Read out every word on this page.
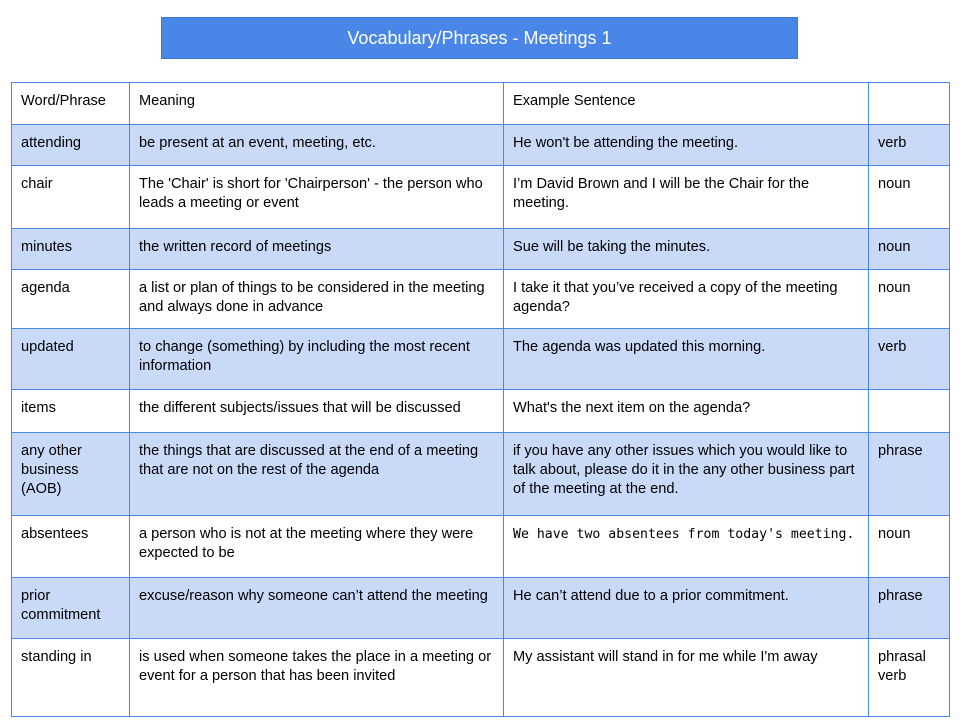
Vocabulary/Phrases - Meetings 1
Word/Phrase	Meaning	Example Sentence	
attending	be present at an event, meeting, etc.	He won't be attending the meeting.	verb
chair	The 'Chair' is short for 'Chairperson' - the person who leads a meeting or event	I’m David Brown and I will be the Chair for the meeting.	noun
minutes	the written record of meetings	Sue will be taking the minutes.	noun
agenda	a list or plan of things to be considered in the meeting and always done in advance	I take it that you’ve received a copy of the meeting agenda?	noun
updated	to change (something) by including the most recent information	The agenda was updated this morning.	verb
items	the different subjects/issues that will be discussed	What's the next item on the agenda?	
any other business (AOB)	the things that are discussed at the end of a meeting that are not on the rest of the agenda	if you have any other issues which you would like to talk about, please do it in the any other business part of the meeting at the end.	phrase
absentees	a person who is not at the meeting where they were expected to be	We have two absentees from today's meeting.	noun
prior commitment	excuse/reason why someone can’t attend the meeting	He can’t attend due to a prior commitment.	phrase
standing in	is used when someone takes the place in a meeting or event for a person that has been invited	My assistant will stand in for me while I'm away	phrasal verb
